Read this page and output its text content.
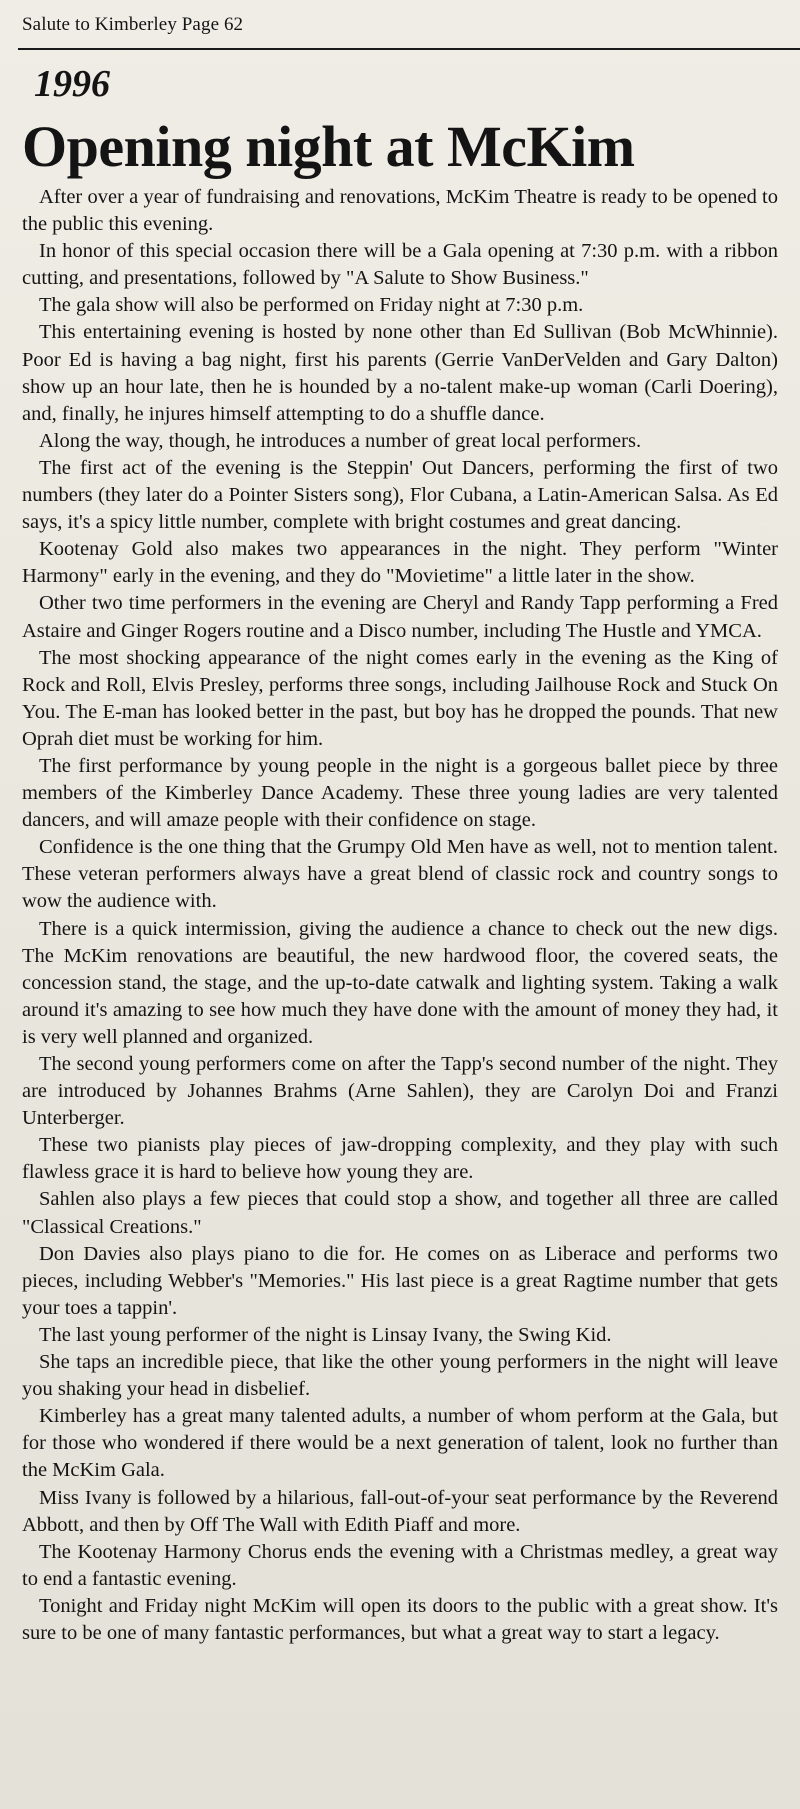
Salute to Kimberley Page 62
1996
Opening night at McKim

After over a year of fundraising and renovations, McKim Theatre is ready to be opened to the public this evening.

In honor of this special occasion there will be a Gala opening at 7:30 p.m. with a ribbon cutting, and presentations, followed by "A Salute to Show Business."

The gala show will also be performed on Friday night at 7:30 p.m.

This entertaining evening is hosted by none other than Ed Sullivan (Bob McWhinnie). Poor Ed is having a bag night, first his parents (Gerrie VanDerVelden and Gary Dalton) show up an hour late, then he is hounded by a no-talent make-up woman (Carli Doering), and, finally, he injures himself attempting to do a shuffle dance.

Along the way, though, he introduces a number of great local performers.

The first act of the evening is the Steppin' Out Dancers, performing the first of two numbers (they later do a Pointer Sisters song), Flor Cubana, a Latin-American Salsa. As Ed says, it's a spicy little number, complete with bright costumes and great dancing.

Kootenay Gold also makes two appearances in the night. They perform "Winter Harmony" early in the evening, and they do "Movietime" a little later in the show.

Other two time performers in the evening are Cheryl and Randy Tapp performing a Fred Astaire and Ginger Rogers routine and a Disco number, including The Hustle and YMCA.

The most shocking appearance of the night comes early in the evening as the King of Rock and Roll, Elvis Presley, performs three songs, including Jailhouse Rock and Stuck On You. The E-man has looked better in the past, but boy has he dropped the pounds. That new Oprah diet must be working for him.

The first performance by young people in the night is a gorgeous ballet piece by three members of the Kimberley Dance Academy. These three young ladies are very talented dancers, and will amaze people with their confidence on stage.

Confidence is the one thing that the Grumpy Old Men have as well, not to mention talent. These veteran performers always have a great blend of classic rock and country songs to wow the audience with.

There is a quick intermission, giving the audience a chance to check out the new digs. The McKim renovations are beautiful, the new hardwood floor, the covered seats, the concession stand, the stage, and the up-to-date catwalk and lighting system. Taking a walk around it's amazing to see how much they have done with the amount of money they had, it is very well planned and organized.

The second young performers come on after the Tapp's second number of the night. They are introduced by Johannes Brahms (Arne Sahlen), they are Carolyn Doi and Franzi Unterberger.

These two pianists play pieces of jaw-dropping complexity, and they play with such flawless grace it is hard to believe how young they are.

Sahlen also plays a few pieces that could stop a show, and together all three are called "Classical Creations."

Don Davies also plays piano to die for. He comes on as Liberace and performs two pieces, including Webber's "Memories." His last piece is a great Ragtime number that gets your toes a tappin'.

The last young performer of the night is Linsay Ivany, the Swing Kid.

She taps an incredible piece, that like the other young performers in the night will leave you shaking your head in disbelief.

Kimberley has a great many talented adults, a number of whom perform at the Gala, but for those who wondered if there would be a next generation of talent, look no further than the McKim Gala.

Miss Ivany is followed by a hilarious, fall-out-of-your seat performance by the Reverend Abbott, and then by Off The Wall with Edith Piaff and more.

The Kootenay Harmony Chorus ends the evening with a Christmas medley, a great way to end a fantastic evening.

Tonight and Friday night McKim will open its doors to the public with a great show. It's sure to be one of many fantastic performances, but what a great way to start a legacy.
